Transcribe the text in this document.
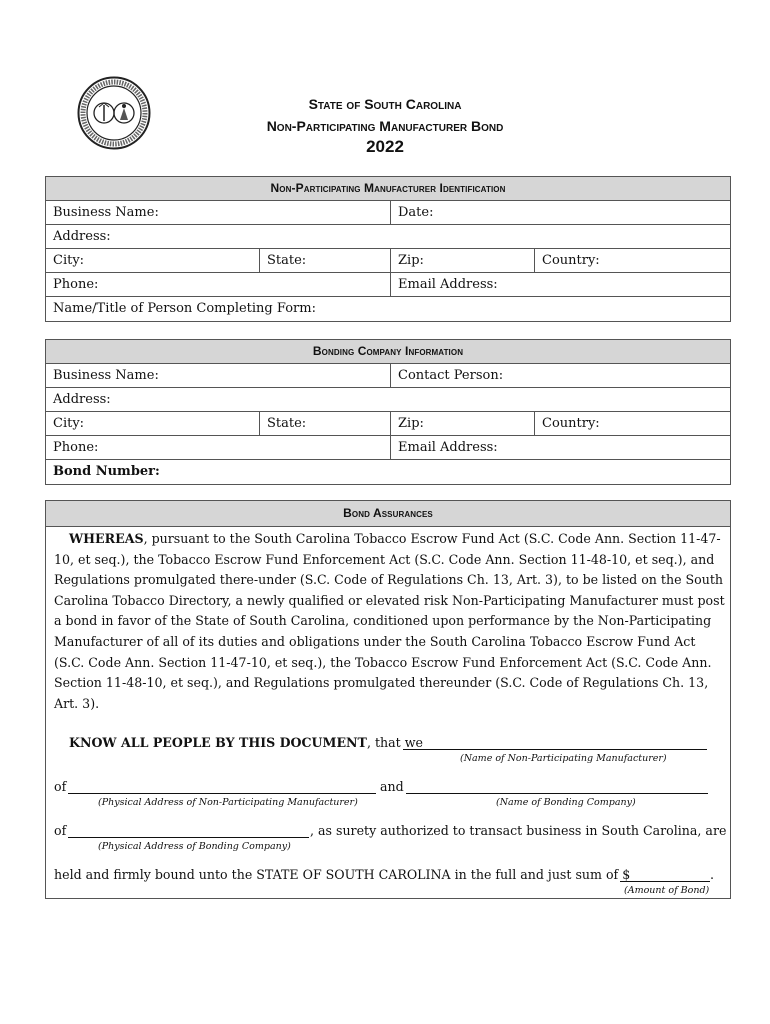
State of South Carolina
Non-Participating Manufacturer Bond
2022
Non-Participating Manufacturer Identification
Business Name:	Date:
Address:
City:	State:	Zip:	Country:
Phone:	Email Address:
Name/Title of Person Completing Form:
Bonding Company Information
Business Name:	Contact Person:
Address:
City:	State:	Zip:	Country:
Phone:	Email Address:
Bond Number:
Bond Assurances
WHEREAS, pursuant to the South Carolina Tobacco Escrow Fund Act (S.C. Code Ann. Section 11-47-10, et seq.), the Tobacco Escrow Fund Enforcement Act (S.C. Code Ann. Section 11-48-10, et seq.), and Regulations promulgated there-under (S.C. Code of Regulations Ch. 13, Art. 3), to be listed on the South Carolina Tobacco Directory, a newly qualified or elevated risk Non-Participating Manufacturer must post a bond in favor of the State of South Carolina, conditioned upon performance by the Non-Participating Manufacturer of all of its duties and obligations under the South Carolina Tobacco Escrow Fund Act (S.C. Code Ann. Section 11-47-10, et seq.), the Tobacco Escrow Fund Enforcement Act (S.C. Code Ann. Section 11-48-10, et seq.), and Regulations promulgated thereunder (S.C. Code of Regulations Ch. 13, Art. 3).
KNOW ALL PEOPLE BY THIS DOCUMENT, that we
(Name of Non-Participating Manufacturer)
of	and
(Physical Address of Non-Participating Manufacturer)	(Name of Bonding Company)
of	, as surety authorized to transact business in South Carolina, are
(Physical Address of Bonding Company)
held and firmly bound unto the STATE OF SOUTH CAROLINA in the full and just sum of $	.
(Amount of Bond)
